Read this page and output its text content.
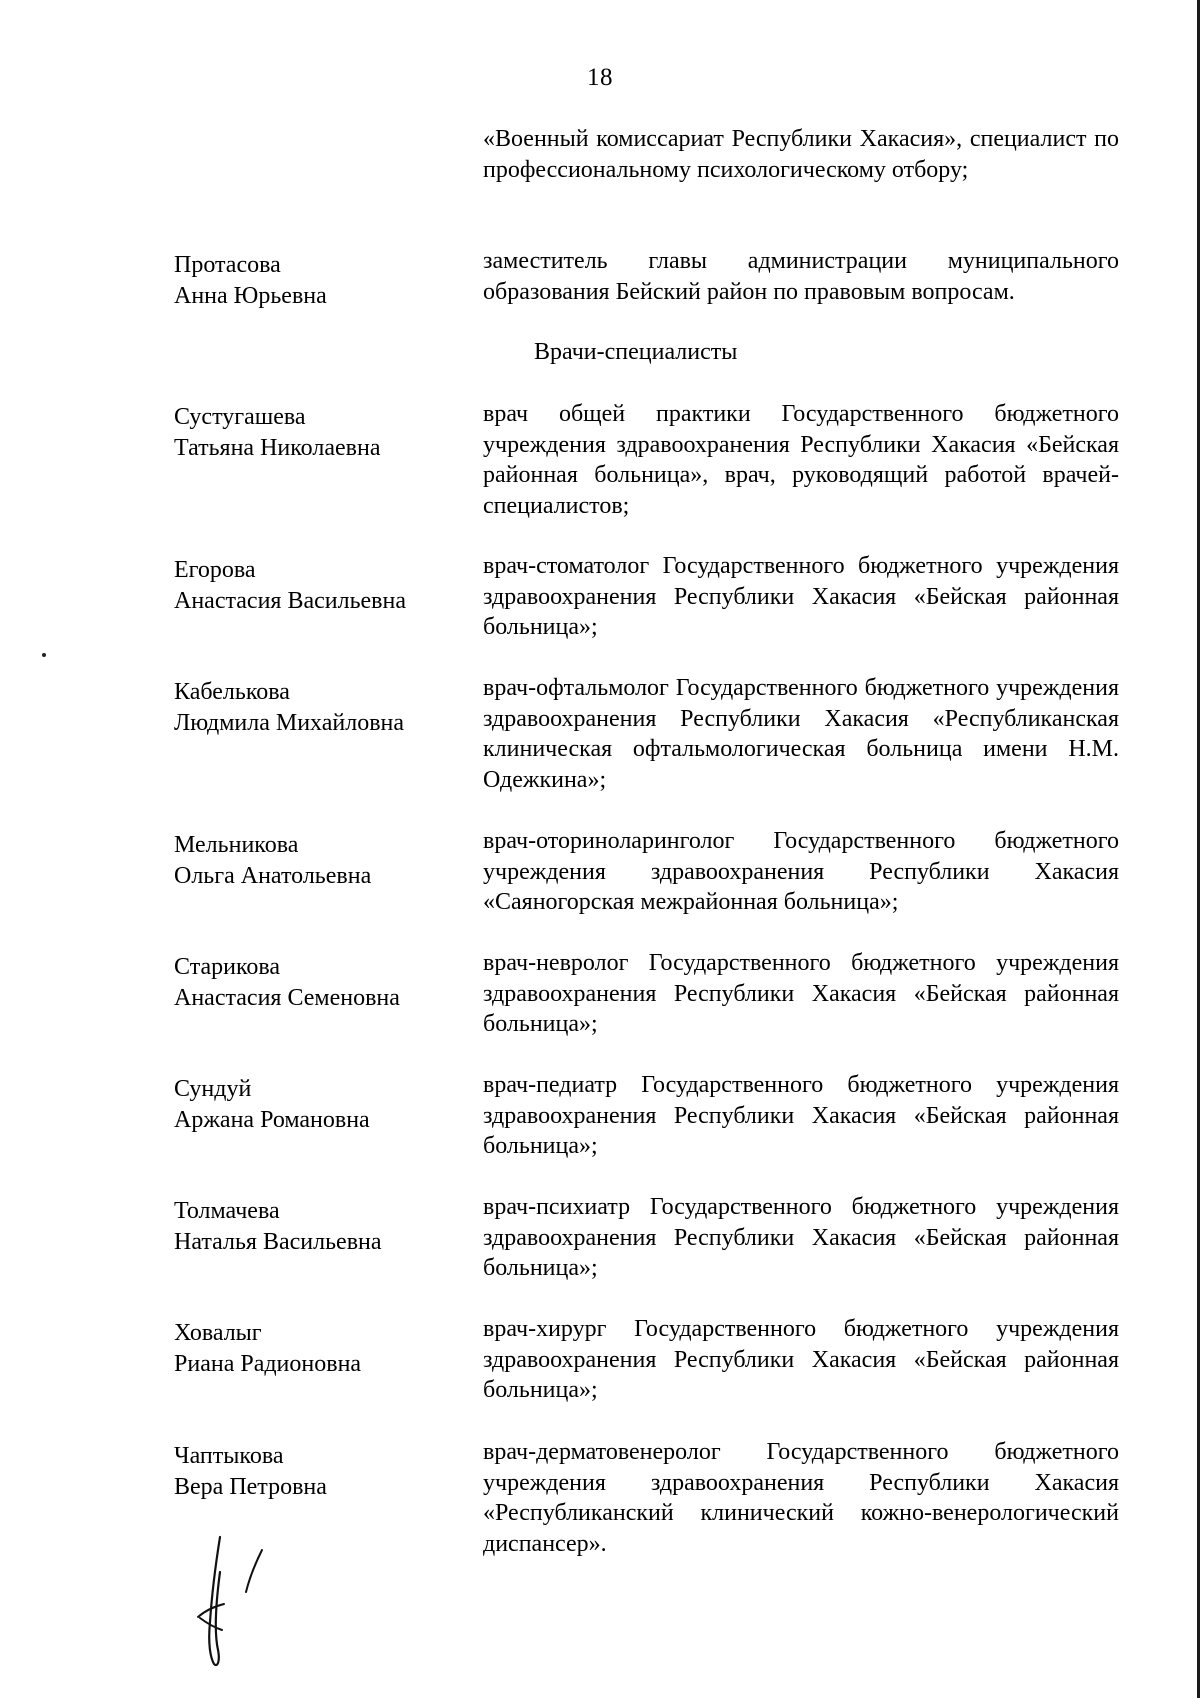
18
«Военный комиссариат Республики Хакасия», специалист по профессиональному психологическому отбору;
Протасова
Анна Юрьевна
заместитель главы администрации муниципального образования Бейский район по правовым вопросам.
Врачи-специалисты
Сустугашева
Татьяна Николаевна
врач общей практики Государственного бюджетного учреждения здравоохранения Республики Хакасия «Бейская районная больница», врач, руководящий работой врачей-специалистов;
Егорова
Анастасия Васильевна
врач-стоматолог Государственного бюджетного учреждения здравоохранения Республики Хакасия «Бейская районная больница»;
Кабелькова
Людмила Михайловна
врач-офтальмолог Государственного бюджетного учреждения здравоохранения Республики Хакасия «Республиканская клиническая офтальмологическая больница имени Н.М. Одежкина»;
Мельникова
Ольга Анатольевна
врач-оториноларинголог Государственного бюджетного учреждения здравоохранения Республики Хакасия «Саяногорская межрайонная больница»;
Старикова
Анастасия Семеновна
врач-невролог Государственного бюджетного учреждения здравоохранения Республики Хакасия «Бейская районная больница»;
Сундуй
Аржана Романовна
врач-педиатр Государственного бюджетного учреждения здравоохранения Республики Хакасия «Бейская районная больница»;
Толмачева
Наталья Васильевна
врач-психиатр Государственного бюджетного учреждения здравоохранения Республики Хакасия «Бейская районная больница»;
Ховалыг
Риана Радионовна
врач-хирург Государственного бюджетного учреждения здравоохранения Республики Хакасия «Бейская районная больница»;
Чаптыкова
Вера Петровна
врач-дерматовенеролог Государственного бюджетного учреждения здравоохранения Республики Хакасия «Республиканский клинический кожно-венерологический диспансер».
